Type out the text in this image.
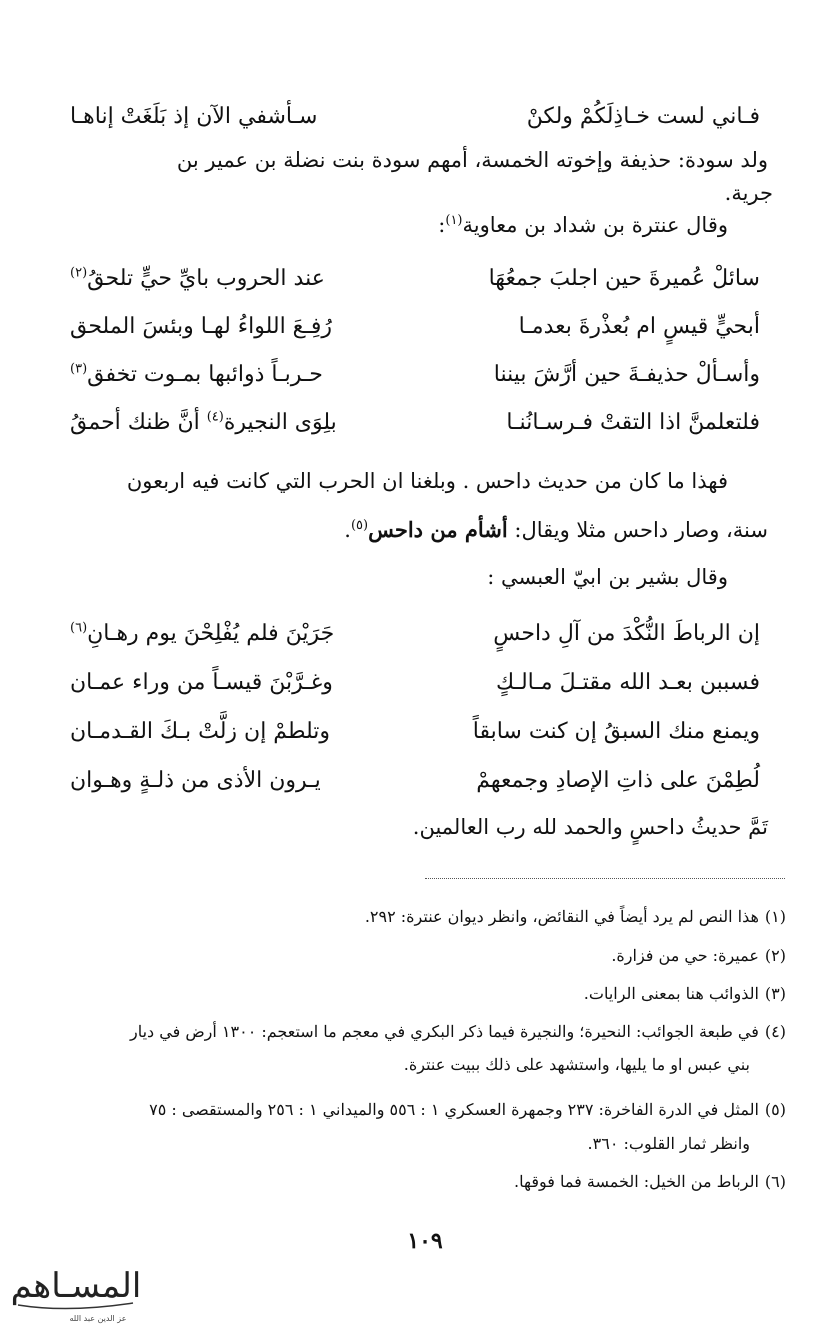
فـاني لست خـاذِلَكُمْ ولكنْ
سـأشفي الآن إذ بَلَغَتْ إناهـا
ولد سودة: حذيفة وإخوته الخمسة، أمهم سودة بنت نضلة بن عمير بن
جرية.
وقال عنترة بن شداد بن معاوية$^{(١)}$:
سائلْ عُميرةَ حين اجلبَ جمعُهَا
عند الحروب بايِّ حيٍّ تلحقُ$^{(٢)}$
أبحيٍّ قيسٍ ام بُعذْرةَ بعدمـا
رُفِـعَ اللواءُ لهـا وبئسَ الملحق
وأسـألْ حذيفـةَ حين أرَّشَ بيننا
حـربـاً ذوائبها بمـوت تخفق$^{(٣)}$
فلتعلمنَّ اذا التقتْ فـرسـانُنـا
بلِوَى النجيرة$^{(٤)}$ أنَّ ظنك أحمقُ
فهذا ما كان من حديث داحس . وبلغنا ان الحرب التي كانت فيه اربعون
سنة، وصار داحس مثلا ويقال: أشأم من داحس$^{(٥)}$.
وقال بشير بن ابيّ العبسي :
إن الرباطَ النُّكْدَ من آلِ داحسٍ
جَرَيْنَ فلم يُفْلِحْنَ يوم رهـانِ$^{(٦)}$
فسببن بعـد الله مقتـلَ مـالـكٍ
وغـرَّبْنَ قيسـاً من وراء عمـان
ويمنع منك السبقُ إن كنت سابقاً
وتلطمْ إن زلَّتْ بـكَ القـدمـان
لُطِمْنَ على ذاتِ الإصادِ وجمعهمْ
يـرون الأذى من ذلـةٍ وهـوان
تَمَّ حديثُ داحسٍ والحمد لله رب العالمين.
(١)هذا النص لم يرد أيضاً في النقائض، وانظر ديوان عنترة: ٢٩٢.
(٢)عميرة: حي من فزارة.
(٣)الذوائب هنا بمعنى الرايات.
(٤)في طبعة الجوائب: النحيرة؛ والنجيرة فيما ذكر البكري في معجم ما استعجم: ١٣٠٠ أرض في ديار
بني عبس او ما يليها، واستشهد على ذلك ببيت عنترة.
(٥)المثل في الدرة الفاخرة: ٢٣٧ وجمهرة العسكري ١ : ٥٥٦ والميداني ١ : ٢٥٦ والمستقصى : ٧٥
وانظر ثمار القلوب: ٣٦٠.
(٦)الرباط من الخيل: الخمسة فما فوقها.
١٠٩
المسـاهم
عز الدين عبد الله
